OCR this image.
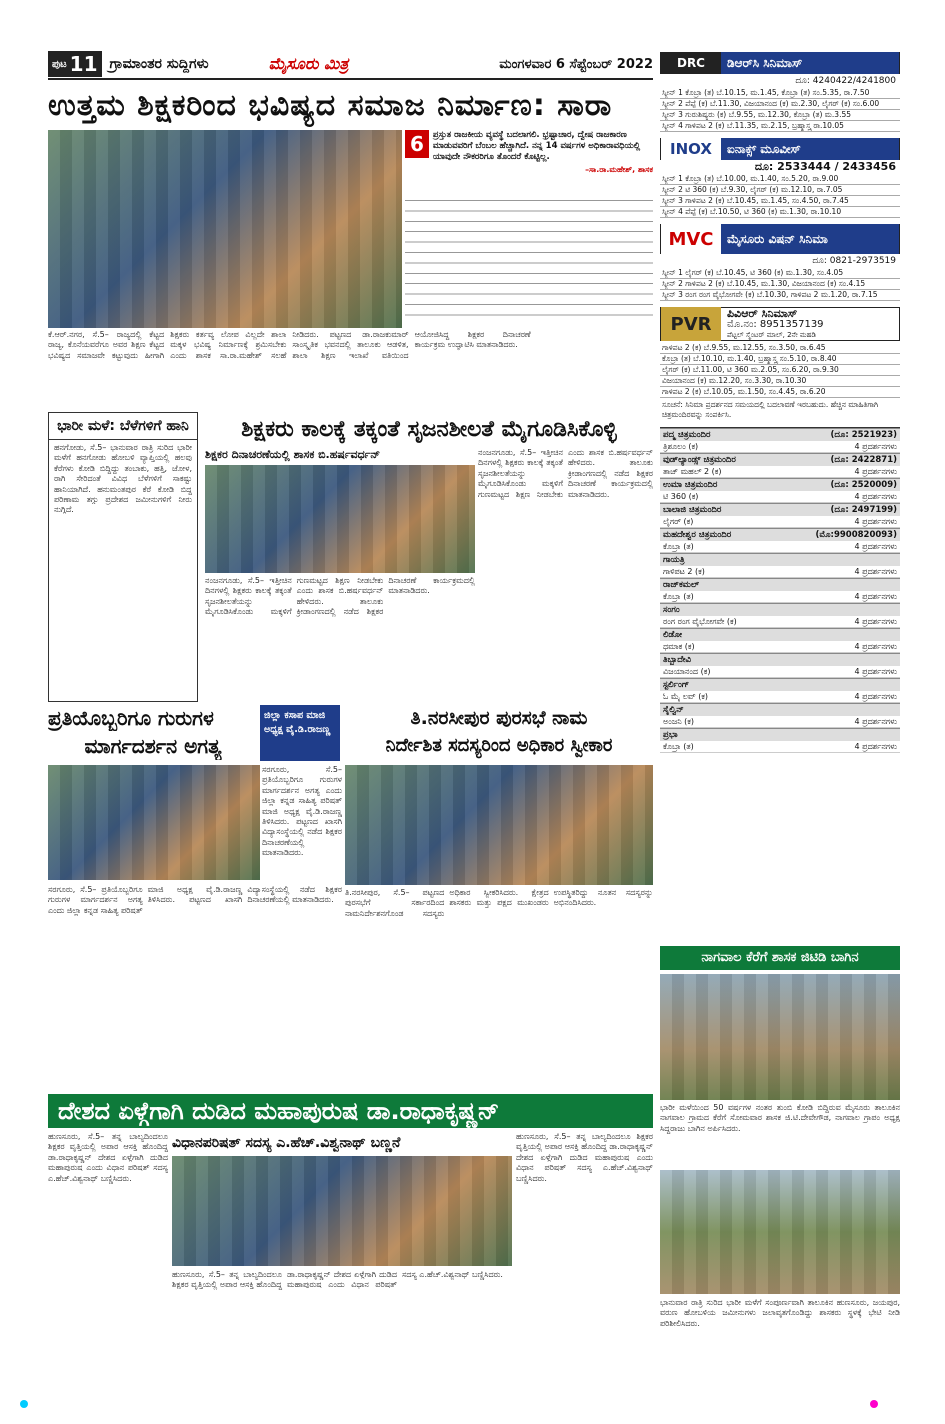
ಪುಟ 11 ಗ್ರಾಮಾಂತರ ಸುದ್ದಿಗಳು	ಮೈಸೂರು ಮಿತ್ರ	ಮಂಗಳವಾರ 6 ಸೆಪ್ಟೆಂಬರ್ 2022
ಉತ್ತಮ ಶಿಕ್ಷಕರಿಂದ ಭವಿಷ್ಯದ ಸಮಾಜ ನಿರ್ಮಾಣ: ಸಾರಾ
6	ಪ್ರಸ್ತುತ ರಾಜಕೀಯ ವ್ಯವಸ್ಥೆ ಬದಲಾಗಲಿ. ಭ್ರಷ್ಟಾಚಾರ, ದ್ವೇಷ ರಾಜಕಾರಣ ಮಾಡುವವರಿಗೆ ಬೆಂಬಲ ಹೆಚ್ಚಾಗಿದೆ. ನನ್ನ 14 ವರ್ಷಗಳ ಅಧಿಕಾರಾವಧಿಯಲ್ಲಿ ಯಾವುದೇ ನೌಕರರಿಗೂ ತೊಂದರೆ ಕೊಟ್ಟಿಲ್ಲ.
–ಸಾ.ರಾ.ಮಹೇಶ್, ಶಾಸಕ
ಕೆ.ಆರ್.ನಗರ, ಸೆ.5– ರಾಜ್ಯದಲ್ಲಿ ಕೆಟ್ಟದ ರಾಜ್ಯ, ಕೊನೆಯವರೆಗೂ ಅವರ ಶಿಕ್ಷಣ ಕೆಟ್ಟದ ಭವಿಷ್ಯದ ಸಮಾಜವೇ ಕಟ್ಟುವುದು ಹೀಗಾಗಿ ಶಿಕ್ಷಕರು ಕರ್ತವ್ಯ ಲೋಪ ವಿಲ್ಲದೇ ಶಾಲಾ ಮಕ್ಕಳ ಭವಿಷ್ಯ ನಿರ್ಮಾಣಕ್ಕೆ ಶ್ರಮಿಸಬೇಕು ಎಂದು ಶಾಸಕ ಸಾ.ರಾ.ಮಹೇಶ್ ಸಲಹೆ ನೀಡಿದರು. ಪಟ್ಟಣದ ಡಾ.ರಾಜಕುಮಾರ್ ಸಾಂಸ್ಕೃತಿಕ ಭವನದಲ್ಲಿ ತಾಲೂಕು ಆಡಳಿತ, ಶಾಲಾ ಶಿಕ್ಷಣ ಇಲಾಖೆ ವತಿಯಿಂದ ಆಯೋಜಿಸಿದ್ದ ಶಿಕ್ಷಕರ ದಿನಾಚರಣೆ ಕಾರ್ಯಕ್ರಮ ಉದ್ಘಾಟಿಸಿ ಮಾತನಾಡಿದರು.
ಭಾರೀ ಮಳೆ: ಬೆಳೆಗಳಿಗೆ ಹಾನಿ
ಹನಗೋಡು, ಸೆ.5– ಭಾನುವಾರ ರಾತ್ರಿ ಸುರಿದ ಭಾರೀ ಮಳೆಗೆ ಹನಗೋಡು ಹೋಬಳಿ ವ್ಯಾಪ್ತಿಯಲ್ಲಿ ಹಲವು ಕೆರೆಗಳು ಕೋಡಿ ಬಿದ್ದಿದ್ದು ತಂಬಾಕು, ಹತ್ತಿ, ಜೋಳ, ರಾಗಿ ಸೇರಿದಂತೆ ವಿವಿಧ ಬೆಳೆಗಳಿಗೆ ಸಾಕಷ್ಟು ಹಾನಿಯಾಗಿದೆ. ಹನುಮಂತಪುರ ಕೆರೆ ಕೋಡಿ ಬಿದ್ದ ಪರಿಣಾಮ ತಗ್ಗು ಪ್ರದೇಶದ ಜಮೀನುಗಳಿಗೆ ನೀರು ನುಗ್ಗಿದೆ.
ಶಿಕ್ಷಕರು ಕಾಲಕ್ಕೆ ತಕ್ಕಂತೆ ಸೃಜನಶೀಲತೆ ಮೈಗೂಡಿಸಿಕೊಳ್ಳಿ
ಶಿಕ್ಷಕರ ದಿನಾಚರಣೆಯಲ್ಲಿ ಶಾಸಕ ಬಿ.ಹರ್ಷವರ್ಧನ್	ನಂಜನಗೂಡು, ಸೆ.5– ಇತ್ತೀಚಿನ ದಿನಗಳಲ್ಲಿ ಶಿಕ್ಷಕರು ಕಾಲಕ್ಕೆ ತಕ್ಕಂತೆ ಸೃಜನಶೀಲತೆಯನ್ನು ಮೈಗೂಡಿಸಿಕೊಂಡು ಮಕ್ಕಳಿಗೆ ಗುಣಮಟ್ಟದ ಶಿಕ್ಷಣ ನೀಡಬೇಕು ಎಂದು ಶಾಸಕ ಬಿ.ಹರ್ಷವರ್ಧನ್ ಹೇಳಿದರು. ತಾಲೂಕು ಕ್ರೀಡಾಂಗಣದಲ್ಲಿ ನಡೆದ ಶಿಕ್ಷಕರ ದಿನಾಚರಣೆ ಕಾರ್ಯಕ್ರಮದಲ್ಲಿ ಮಾತನಾಡಿದರು.
ನಂಜನಗೂಡು, ಸೆ.5– ಇತ್ತೀಚಿನ ದಿನಗಳಲ್ಲಿ ಶಿಕ್ಷಕರು ಕಾಲಕ್ಕೆ ತಕ್ಕಂತೆ ಸೃಜನಶೀಲತೆಯನ್ನು ಮೈಗೂಡಿಸಿಕೊಂಡು ಮಕ್ಕಳಿಗೆ ಗುಣಮಟ್ಟದ ಶಿಕ್ಷಣ ನೀಡಬೇಕು ಎಂದು ಶಾಸಕ ಬಿ.ಹರ್ಷವರ್ಧನ್ ಹೇಳಿದರು. ತಾಲೂಕು ಕ್ರೀಡಾಂಗಣದಲ್ಲಿ ನಡೆದ ಶಿಕ್ಷಕರ ದಿನಾಚರಣೆ ಕಾರ್ಯಕ್ರಮದಲ್ಲಿ ಮಾತನಾಡಿದರು.
ಪ್ರತಿಯೊಬ್ಬರಿಗೂ ಗುರುಗಳ
ಮಾರ್ಗದರ್ಶನ ಅಗತ್ಯ
ಜಿಲ್ಲಾ ಕಸಾಪ ಮಾಜಿ ಅಧ್ಯಕ್ಷ ವೈ.ಡಿ.ರಾಜಣ್ಣ
ಸರಗೂರು, ಸೆ.5– ಪ್ರತಿಯೊಬ್ಬರಿಗೂ ಗುರುಗಳ ಮಾರ್ಗದರ್ಶನ ಅಗತ್ಯ ಎಂದು ಜಿಲ್ಲಾ ಕನ್ನಡ ಸಾಹಿತ್ಯ ಪರಿಷತ್ ಮಾಜಿ ಅಧ್ಯಕ್ಷ ವೈ.ಡಿ.ರಾಜಣ್ಣ ತಿಳಿಸಿದರು. ಪಟ್ಟಣದ ಖಾಸಗಿ ವಿದ್ಯಾಸಂಸ್ಥೆಯಲ್ಲಿ ನಡೆದ ಶಿಕ್ಷಕರ ದಿನಾಚರಣೆಯಲ್ಲಿ ಮಾತನಾಡಿದರು.
ಸರಗೂರು, ಸೆ.5– ಪ್ರತಿಯೊಬ್ಬರಿಗೂ ಗುರುಗಳ ಮಾರ್ಗದರ್ಶನ ಅಗತ್ಯ ಎಂದು ಜಿಲ್ಲಾ ಕನ್ನಡ ಸಾಹಿತ್ಯ ಪರಿಷತ್ ಮಾಜಿ ಅಧ್ಯಕ್ಷ ವೈ.ಡಿ.ರಾಜಣ್ಣ ತಿಳಿಸಿದರು. ಪಟ್ಟಣದ ಖಾಸಗಿ ವಿದ್ಯಾಸಂಸ್ಥೆಯಲ್ಲಿ ನಡೆದ ಶಿಕ್ಷಕರ ದಿನಾಚರಣೆಯಲ್ಲಿ ಮಾತನಾಡಿದರು.
ತಿ.ನರಸೀಪುರ ಪುರಸಭೆ ನಾಮ
ನಿರ್ದೇಶಿತ ಸದಸ್ಯರಿಂದ ಅಧಿಕಾರ ಸ್ವೀಕಾರ
ತಿ.ನರಸೀಪುರ, ಸೆ.5– ಪಟ್ಟಣದ ಪುರಸಭೆಗೆ ಸರ್ಕಾರದಿಂದ ನಾಮನಿರ್ದೇಶನಗೊಂಡ ಸದಸ್ಯರು ಅಧಿಕಾರ ಸ್ವೀಕರಿಸಿದರು. ಕ್ಷೇತ್ರದ ಶಾಸಕರು ಮತ್ತು ಪಕ್ಷದ ಮುಖಂಡರು ಉಪಸ್ಥಿತರಿದ್ದು ನೂತನ ಸದಸ್ಯರನ್ನು ಅಭಿನಂದಿಸಿದರು.
ದೇಶದ ಏಳ್ಗೆಗಾಗಿ ದುಡಿದ ಮಹಾಪುರುಷ ಡಾ.ರಾಧಾಕೃಷ್ಣನ್
ಹುಣಸೂರು, ಸೆ.5– ತನ್ನ ಬಾಲ್ಯದಿಂದಲೂ ಶಿಕ್ಷಕರ ವೃತ್ತಿಯಲ್ಲಿ ಅಪಾರ ಆಸಕ್ತಿ ಹೊಂದಿದ್ದ ಡಾ.ರಾಧಾಕೃಷ್ಣನ್ ದೇಶದ ಏಳ್ಗೆಗಾಗಿ ದುಡಿದ ಮಹಾಪುರುಷ ಎಂದು ವಿಧಾನ ಪರಿಷತ್ ಸದಸ್ಯ ಎ.ಹೆಚ್.ವಿಶ್ವನಾಥ್ ಬಣ್ಣಿಸಿದರು.
ವಿಧಾನಪರಿಷತ್ ಸದಸ್ಯ ಎ.ಹೆಚ್.ವಿಶ್ವನಾಥ್ ಬಣ್ಣನೆ
ಹುಣಸೂರು, ಸೆ.5– ತನ್ನ ಬಾಲ್ಯದಿಂದಲೂ ಶಿಕ್ಷಕರ ವೃತ್ತಿಯಲ್ಲಿ ಅಪಾರ ಆಸಕ್ತಿ ಹೊಂದಿದ್ದ ಡಾ.ರಾಧಾಕೃಷ್ಣನ್ ದೇಶದ ಏಳ್ಗೆಗಾಗಿ ದುಡಿದ ಮಹಾಪುರುಷ ಎಂದು ವಿಧಾನ ಪರಿಷತ್ ಸದಸ್ಯ ಎ.ಹೆಚ್.ವಿಶ್ವನಾಥ್ ಬಣ್ಣಿಸಿದರು.
ಹುಣಸೂರು, ಸೆ.5– ತನ್ನ ಬಾಲ್ಯದಿಂದಲೂ ಶಿಕ್ಷಕರ ವೃತ್ತಿಯಲ್ಲಿ ಅಪಾರ ಆಸಕ್ತಿ ಹೊಂದಿದ್ದ ಡಾ.ರಾಧಾಕೃಷ್ಣನ್ ದೇಶದ ಏಳ್ಗೆಗಾಗಿ ದುಡಿದ ಮಹಾಪುರುಷ ಎಂದು ವಿಧಾನ ಪರಿಷತ್ ಸದಸ್ಯ ಎ.ಹೆಚ್.ವಿಶ್ವನಾಥ್ ಬಣ್ಣಿಸಿದರು.
DRC	ಡಿಆರ್‌ಸಿ ಸಿನಿಮಾಸ್
ದೂ: 4240422/4241800
ಸ್ಕ್ರೀನ್ 1 ಕೊಬ್ರಾ (ತ) ಬೆ.10.15, ಮ.1.45, ಕೊಬ್ರಾ (ತ) ಸಂ.5.35, ರಾ.7.50
ಸ್ಕ್ರೀನ್ 2 ಪೆಪ್ಪೆ (ಕ) ಬೆ.11.30, ವಿಜಯಾನಂದ (ಕ) ಮ.2.30, ಲೈಗರ್ (ಕ) ಸಂ.6.00
ಸ್ಕ್ರೀನ್ 3 ಗುರುಶಿಷ್ಯರು (ಕ) ಬೆ.9.55, ಮ.12.30, ಕೊಬ್ರಾ (ತ) ಮ.3.55
ಸ್ಕ್ರೀನ್ 4 ಗಾಳಿಪಟ 2 (ಕ) ಬೆ.11.35, ಮ.2.15, ಬ್ರಹ್ಮಾಸ್ತ್ರ ರಾ.10.05
INOX	ಐನಾಕ್ಸ್ ಮೂವೀಸ್
ದೂ: 2533444 / 2433456
ಸ್ಕ್ರೀನ್ 1 ಕೊಬ್ರಾ (ತ) ಬೆ.10.00, ಮ.1.40, ಸಂ.5.20, ರಾ.9.00
ಸ್ಕ್ರೀನ್ 2 ಟಿ 360 (ಕ) ಬೆ.9.30, ಲೈಗರ್ (ಕ) ಮ.12.10, ರಾ.7.05
ಸ್ಕ್ರೀನ್ 3 ಗಾಳಿಪಟ 2 (ಕ) ಬೆ.10.45, ಮ.1.45, ಸಂ.4.50, ರಾ.7.45
ಸ್ಕ್ರೀನ್ 4 ಪೆಪ್ಪೆ (ಕ) ಬೆ.10.50, ಟಿ 360 (ಕ) ಮ.1.30, ರಾ.10.10
MVC	ಮೈಸೂರು ವಿಷನ್ ಸಿನಿಮಾ
ದೂ: 0821-2973519
ಸ್ಕ್ರೀನ್ 1 ಲೈಗರ್ (ಕ) ಬೆ.10.45, ಟಿ 360 (ಕ) ಮ.1.30, ಸಂ.4.05
ಸ್ಕ್ರೀನ್ 2 ಗಾಳಿಪಟ 2 (ಕ) ಬೆ.10.45, ಮ.1.30, ವಿಜಯಾನಂದ (ಕ) ಸಂ.4.15
ಸ್ಕ್ರೀನ್ 3 ರಂಗ ರಂಗ ವೈಭೋಗವೇ (ಕ) ಬೆ.10.30, ಗಾಳಿಪಟ 2 ಮ.1.20, ರಾ.7.15
PVR
ಪಿವಿಆರ್ ಸಿನಿಮಾಸ್
ಮೊ.ನಂ: 8951357139
ಪೆಟ್ಟಲ್ ಸ್ಮೆಂಟರ್‌ ಮಾಲ್, 2ನೇ ಮಹಡಿ
ಗಾಳಿಪಟ 2 (ಕ) ಬೆ.9.55, ಮ.12.55, ಸಂ.3.50, ರಾ.6.45
ಕೊಬ್ರಾ (ತ) ಬೆ.10.10, ಮ.1.40, ಬ್ರಹ್ಮಾಸ್ತ್ರ ಸಂ.5.10, ರಾ.8.40
ಲೈಗರ್ (ಕ) ಬೆ.11.00, ಟಿ 360 ಮ.2.05, ಸಂ.6.20, ರಾ.9.30
ವಿಜಯಾನಂದ (ಕ) ಮ.12.20, ಸಂ.3.30, ರಾ.10.30
ಗಾಳಿಪಟ 2 (ಕ) ಬೆ.10.05, ಮ.1.50, ಸಂ.4.45, ರಾ.6.20
ಸೂಚನೆ: ಸಿನಿಮಾ ಪ್ರದರ್ಶನದ ಸಮಯದಲ್ಲಿ ಬದಲಾವಣೆ ಇರಬಹುದು. ಹೆಚ್ಚಿನ ಮಾಹಿತಿಗಾಗಿ ಚಿತ್ರಮಂದಿರವನ್ನು ಸಂಪರ್ಕಿಸಿ.
ಪದ್ಮ ಚಿತ್ರಮಂದಿರ	(ದೂ: 2521923)
ತ್ರಿಶೂಲಂ (ಕ)	4 ಪ್ರದರ್ಶನಗಳು
ವುಡ್‌ಲ್ಯಾಂಡ್ಸ್ ಚಿತ್ರಮಂದಿರ	(ದೂ: 2422871)
ತಾಜ್ ಮಹಲ್ 2 (ಕ)	4 ಪ್ರದರ್ಶನಗಳು
ಉಮಾ ಚಿತ್ರಮಂದಿರ	(ದೂ: 2520009)
ಟಿ 360 (ಕ)	4 ಪ್ರದರ್ಶನಗಳು
ಬಾಲಾಜಿ ಚಿತ್ರಮಂದಿರ	(ದೂ: 2497199)
ಲೈಗರ್ (ಕ)	4 ಪ್ರದರ್ಶನಗಳು
ಮಹದೇಶ್ವರ ಚಿತ್ರಮಂದಿರ	(ಮೊ:9900820093)
ಕೊಬ್ರಾ (ತ)	4 ಪ್ರದರ್ಶನಗಳು
ಗಾಯತ್ರಿ
ಗಾಳಿಪಟ 2 (ಕ)	4 ಪ್ರದರ್ಶನಗಳು
ರಾಜ್‌ಕಮಲ್
ಕೊಬ್ರಾ (ತ)	4 ಪ್ರದರ್ಶನಗಳು
ಸಂಗಂ
ರಂಗ ರಂಗ ವೈಭೋಗವೇ (ಕ)	4 ಪ್ರದರ್ಶನಗಳು
ಲಿಡೋ
ಧಮಾಕ (ಕ)	4 ಪ್ರದರ್ಶನಗಳು
ತಿಬ್ಬಾದೇವಿ
ವಿಜಯಾನಂದ (ಕ)	4 ಪ್ರದರ್ಶನಗಳು
ಸ್ಟರ್ಲಿಂಗ್
ಓ ಮೈ ಲವ್ (ಕ)	4 ಪ್ರದರ್ಶನಗಳು
ಸೈಲ್ವಿನ್
ಅಂಜನಿ (ಕ)	4 ಪ್ರದರ್ಶನಗಳು
ಪ್ರಭಾ
ಕೊಬ್ರಾ (ತ)	4 ಪ್ರದರ್ಶನಗಳು
ನಾಗವಾಲ ಕೆರೆಗೆ ಶಾಸಕ ಜಿಟಿಡಿ ಬಾಗಿನ
ಭಾರೀ ಮಳೆಯಿಂದ 50 ವರ್ಷಗಳ ನಂತರ ತುಂಬಿ ಕೋಡಿ ಬಿದ್ದಿರುವ ಮೈಸೂರು ತಾಲೂಕಿನ ನಾಗವಾಲ ಗ್ರಾಮದ ಕೆರೆಗೆ ಸೋಮವಾರ ಶಾಸಕ ಜಿ.ಟಿ.ದೇವೇಗೌಡ, ನಾಗವಾಲ ಗ್ರಾಪಂ ಅಧ್ಯಕ್ಷ ಸಿದ್ದರಾಜು ಬಾಗಿನ ಅರ್ಪಿಸಿದರು.
ಭಾನುವಾರ ರಾತ್ರಿ ಸುರಿದ ಭಾರೀ ಮಳೆಗೆ ಸಂಪೂರ್ಣವಾಗಿ ತಾಲೂಕಿನ ಹುಣಸೂರು, ಜಯಪುರ, ವರುಣ ಹೋಬಳಿಯ ಜಮೀನುಗಳು ಜಲಾವೃತಗೊಂಡಿದ್ದು ಶಾಸಕರು ಸ್ಥಳಕ್ಕೆ ಭೇಟಿ ನೀಡಿ ಪರಿಶೀಲಿಸಿದರು.
